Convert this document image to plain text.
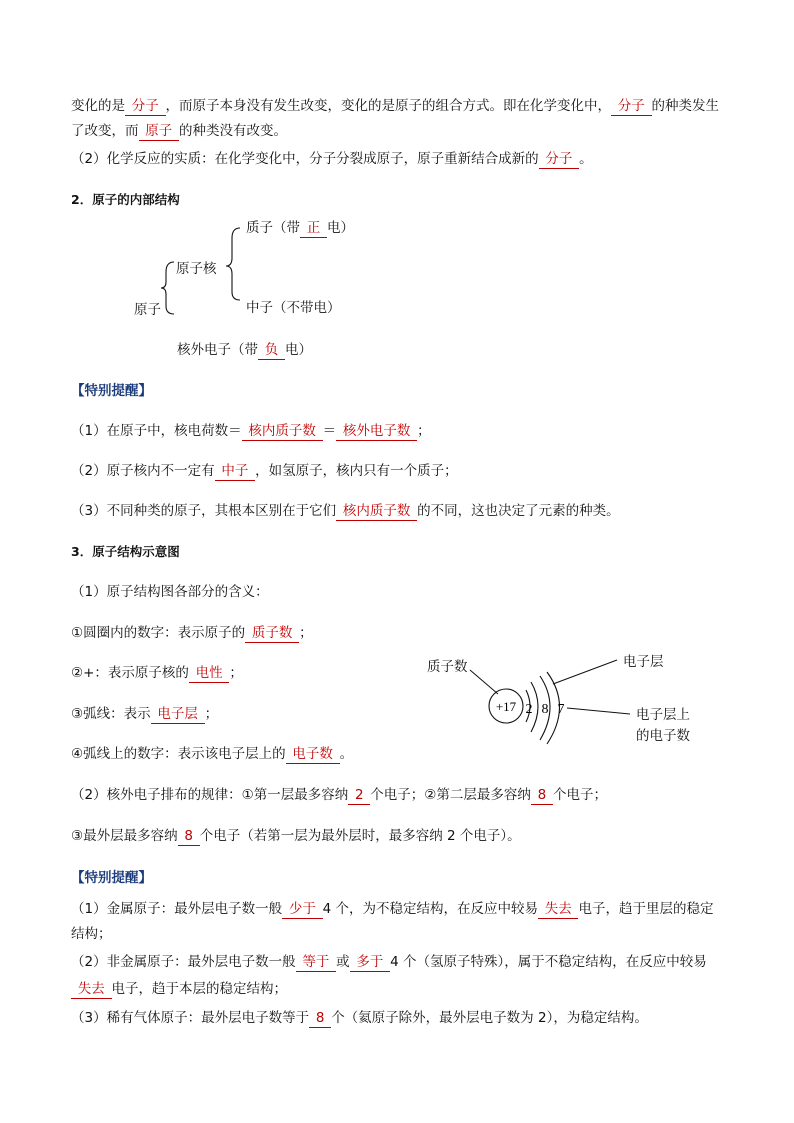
变化的是 分子 ，而原子本身没有发生改变，变化的是原子的组合方式。即在化学变化中， 分子 的种类发生
了改变，而 原子 的种类没有改变。
（2）化学反应的实质：在化学变化中，分子分裂成原子，原子重新结合成新的 分子 。
2．原子的内部结构
质子（带 正 电）
原子核
原子	中子（不带电）
核外电子（带 负 电）
【特别提醒】
（1）在原子中，核电荷数＝ 核内质子数 ＝ 核外电子数 ；
（2）原子核内不一定有 中子 ，如氢原子，核内只有一个质子；
（3）不同种类的原子，其根本区别在于它们 核内质子数 的不同，这也决定了元素的种类。
3．原子结构示意图
（1）原子结构图各部分的含义：
①圆圈内的数字：表示原子的 质子数 ；
②+：表示原子核的 电性 ；
③弧线：表示 电子层 ；
④弧线上的数字：表示该电子层上的 电子数 。
（2）核外电子排布的规律：①第一层最多容纳 2 个电子；②第二层最多容纳 8 个电子；
③最外层最多容纳 8 个电子（若第一层为最外层时，最多容纳 2 个电子）。
质子数	电子层
电子层上
的电子数
+17 2 8 7
【特别提醒】
（1）金属原子：最外层电子数一般 少于 4 个，为不稳定结构，在反应中较易 失去 电子，趋于里层的稳定
结构；
（2）非金属原子：最外层电子数一般 等于 或 多于 4 个（氢原子特殊），属于不稳定结构，在反应中较易
 失去 电子，趋于本层的稳定结构；
（3）稀有气体原子：最外层电子数等于 8 个（氦原子除外，最外层电子数为 2），为稳定结构。
